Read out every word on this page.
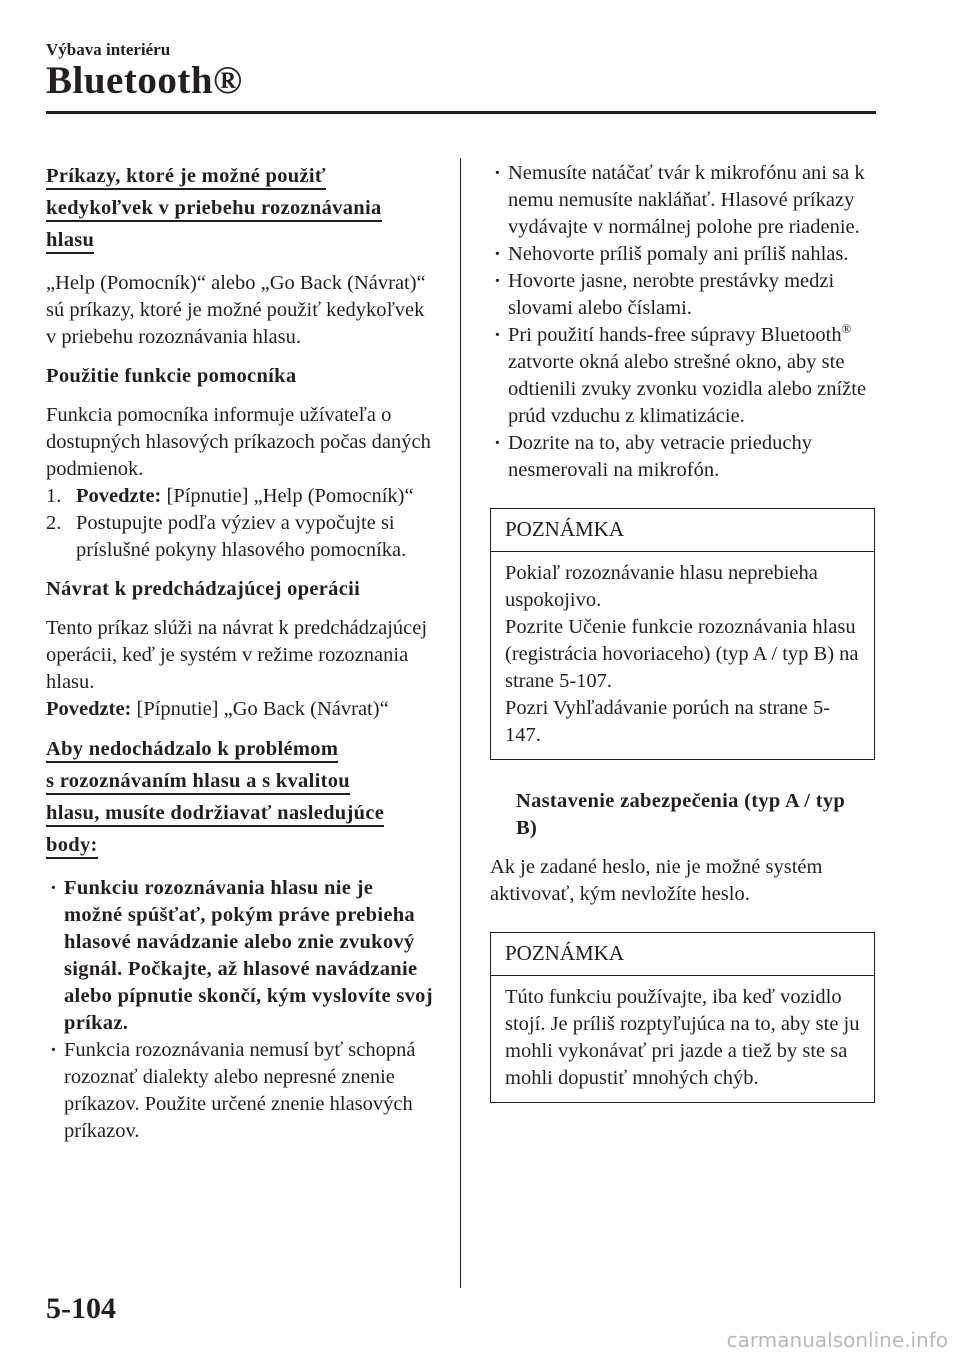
Výbava interiéru
Bluetooth®

Príkazy, ktoré je možné použiť
kedykoľvek v priebehu rozoznávania
hlasu

„Help (Pomocník)“ alebo „Go Back (Návrat)“ sú príkazy, ktoré je možné použiť kedykoľvek v priebehu rozoznávania hlasu.

Použitie funkcie pomocníka

Funkcia pomocníka informuje užívateľa o dostupných hlasových príkazoch počas daných podmienok.

1. Povedzte: [Pípnutie] „Help (Pomocník)“
2. Postupujte podľa výziev a vypočujte si príslušné pokyny hlasového pomocníka.

Návrat k predchádzajúcej operácii

Tento príkaz slúži na návrat k predchádzajúcej operácii, keď je systém v režime rozoznania hlasu.

Povedzte: [Pípnutie] „Go Back (Návrat)“

Aby nedochádzalo k problémom
s rozoznávaním hlasu a s kvalitou
hlasu, musíte dodržiavať nasledujúce
body:

· Funkciu rozoznávania hlasu nie je možné spúšťať, pokým práve prebieha hlasové navádzanie alebo znie zvukový signál. Počkajte, až hlasové navádzanie alebo pípnutie skončí, kým vyslovíte svoj príkaz.
· Funkcia rozoznávania nemusí byť schopná rozoznať dialekty alebo nepresné znenie príkazov. Použite určené znenie hlasových príkazov.
· Nemusíte natáčať tvár k mikrofónu ani sa k nemu nemusíte nakláňať. Hlasové príkazy vydávajte v normálnej polohe pre riadenie.
· Nehovorte príliš pomaly ani príliš nahlas.
· Hovorte jasne, nerobte prestávky medzi slovami alebo číslami.
· Pri použití hands-free súpravy Bluetooth® zatvorte okná alebo strešné okno, aby ste odtienili zvuky zvonku vozidla alebo znížte prúd vzduchu z klimatizácie.
· Dozrite na to, aby vetracie prieduchy nesmerovali na mikrofón.
POZNÁMKA

Pokiaľ rozoznávanie hlasu neprebieha uspokojivo.

Pozrite Učenie funkcie rozoznávania hlasu (registrácia hovoriaceho) (typ A / typ B) na strane 5-107.

Pozri Vyhľadávanie porúch na strane 5-147.

Nastavenie zabezpečenia (typ A / typ B)

Ak je zadané heslo, nie je možné systém aktivovať, kým nevložíte heslo.

POZNÁMKA
Túto funkciu používajte, iba keď vozidlo stojí. Je príliš rozptyľujúca na to, aby ste ju mohli vykonávať pri jazde a tiež by ste sa mohli dopustiť mnohých chýb.
5-104
carmanualsonline.info
